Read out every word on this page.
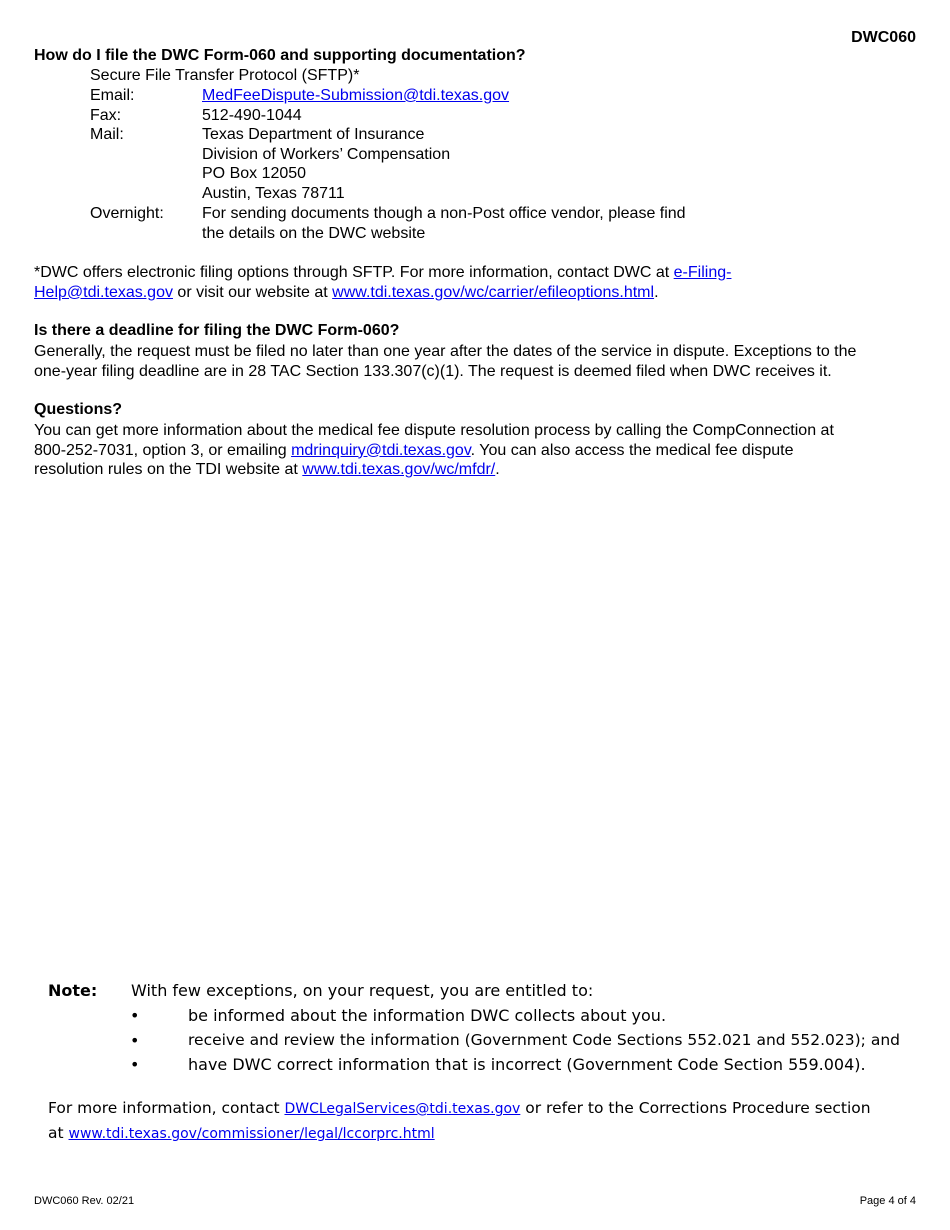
DWC060
How do I file the DWC Form-060 and supporting documentation?
Secure File Transfer Protocol (SFTP)*
Email:	MedFeeDispute-Submission@tdi.texas.gov
Fax:	512-490-1044
Mail:	Texas Department of Insurance
Division of Workers’ Compensation
PO Box 12050
Austin, Texas 78711
Overnight: For sending documents though a non-Post office vendor, please find
the details on the DWC website
*DWC offers electronic filing options through SFTP. For more information, contact DWC at e-Filing-
Help@tdi.texas.gov or visit our website at www.tdi.texas.gov/wc/carrier/efileoptions.html.
Is there a deadline for filing the DWC Form-060?
Generally, the request must be filed no later than one year after the dates of the service in dispute. Exceptions to the
one-year filing deadline are in 28 TAC Section 133.307(c)(1). The request is deemed filed when DWC receives it.
Questions?
You can get more information about the medical fee dispute resolution process by calling the CompConnection at
800-252-7031, option 3, or emailing mdrinquiry@tdi.texas.gov. You can also access the medical fee dispute
resolution rules on the TDI website at www.tdi.texas.gov/wc/mfdr/.
Note: With few exceptions, on your request, you are entitled to:
•	be informed about the information DWC collects about you.
•	receive and review the information (Government Code Sections 552.021 and 552.023); and
•	have DWC correct information that is incorrect (Government Code Section 559.004).
For more information, contact DWCLegalServices@tdi.texas.gov or refer to the Corrections Procedure section
at www.tdi.texas.gov/commissioner/legal/lccorprc.html
DWC060 Rev. 02/21	Page 4 of 4
